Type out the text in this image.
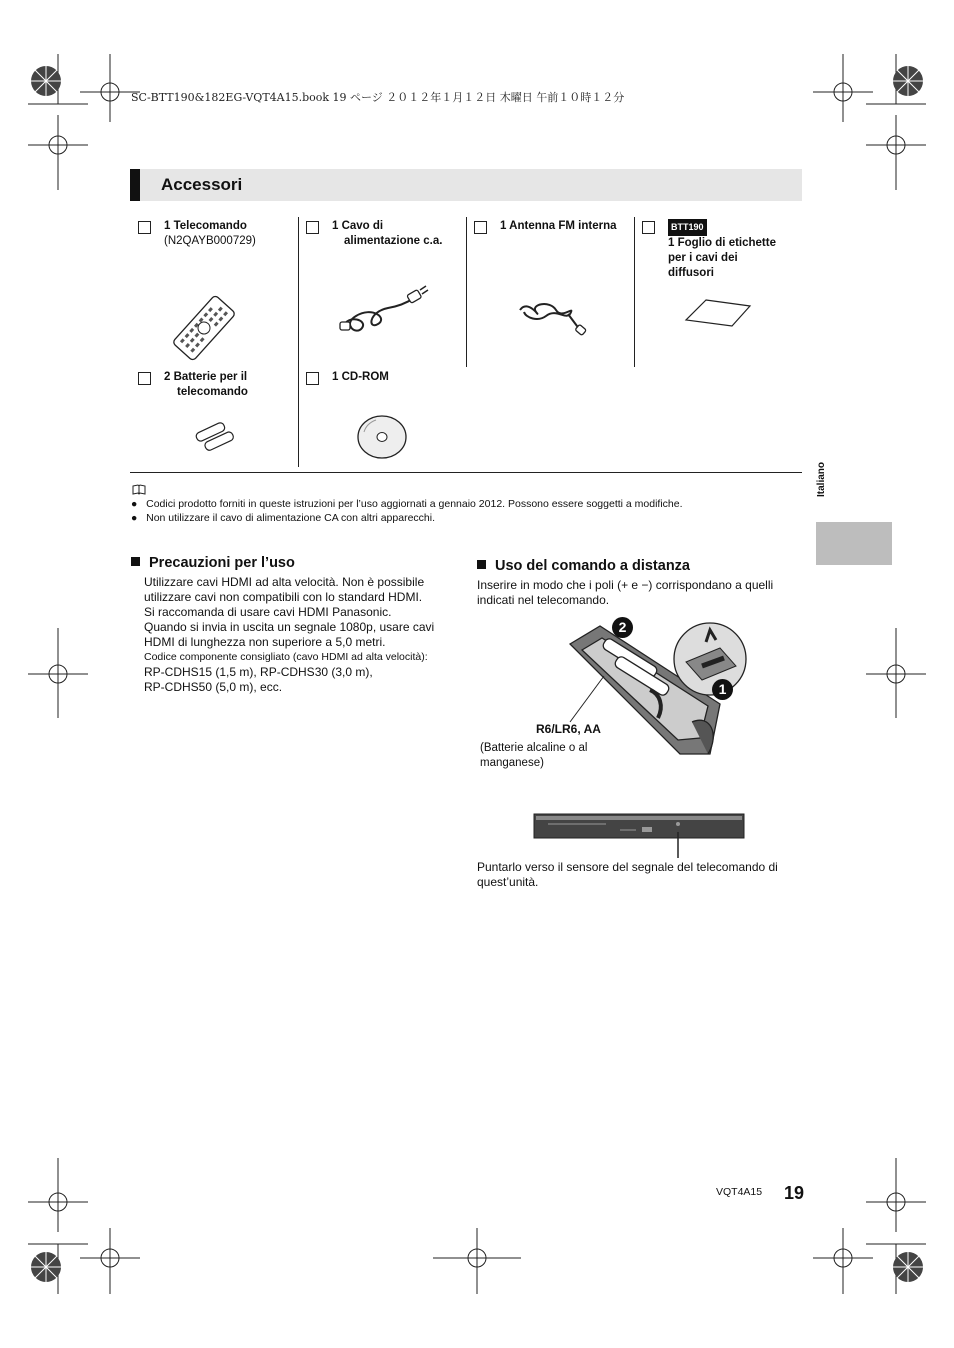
SC-BTT190&182EG-VQT4A15.book 19 ページ ２０１２年１月１２日 木曜日 午前１０時１２分
Accessori
1 Telecomando
(N2QAYB000729)
1 Cavo di
alimentazione c.a.
1 Antenna FM interna	BTT190
1 Foglio di etichette
per i cavi dei
diffusori
2 Batterie per il
telecomando
1 CD-ROM
● Codici prodotto forniti in queste istruzioni per l’uso aggiornati a gennaio 2012. Possono essere soggetti a modifiche.
● Non utilizzare il cavo di alimentazione CA con altri apparecchi.
Precauzioni per l’uso
Utilizzare cavi HDMI ad alta velocità. Non è possibile
utilizzare cavi non compatibili con lo standard HDMI.
Si raccomanda di usare cavi HDMI Panasonic.
Quando si invia in uscita un segnale 1080p, usare cavi
HDMI di lunghezza non superiore a 5,0 metri.
Codice componente consigliato (cavo HDMI ad alta velocità):
RP-CDHS15 (1,5 m), RP-CDHS30 (3,0 m),
RP-CDHS50 (5,0 m), ecc.
Uso del comando a distanza
Inserire in modo che i poli (+ e −) corrispondano a quelli
indicati nel telecomando.
2
1
R6/LR6, AA
(Batterie alcaline o al
manganese)
Puntarlo verso il sensore del segnale del telecomando di
quest’unità.
Italiano
VQT4A15 19
